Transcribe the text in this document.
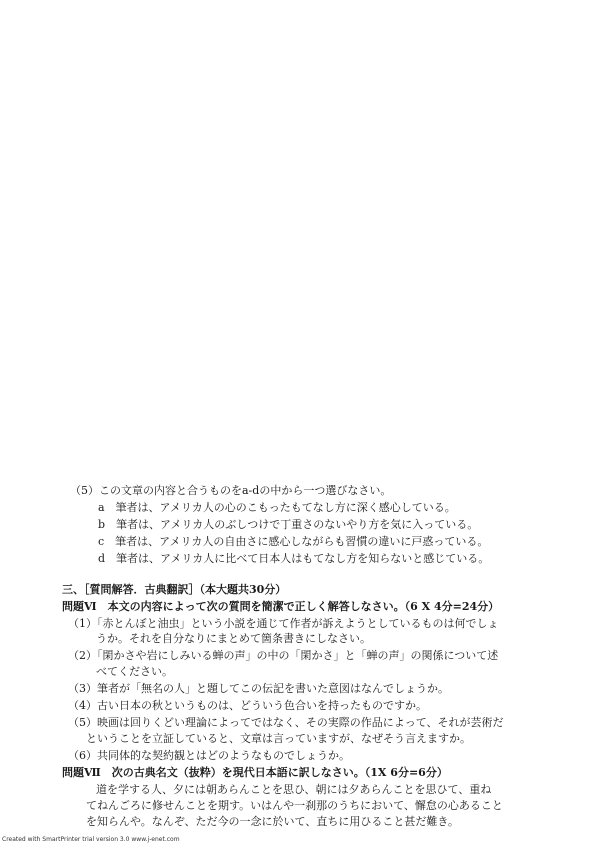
（5）この文章の内容と合うものをa-dの中から一つ選びなさい。
a　筆者は、アメリカ人の心のこもったもてなし方に深く感心している。
b　筆者は、アメリカ人のぶしつけで丁重さのないやり方を気に入っている。
c　筆者は、アメリカ人の自由さに感心しながらも習慣の違いに戸惑っている。
d　筆者は、アメリカ人に比べて日本人はもてなし方を知らないと感じている。
三、［質問解答．古典翻訳］（本大題共30分）
問題Ⅵ　本文の内容によって次の質問を簡潔で正しく解答しなさい。（6 X 4分=24分）
（1）「赤とんぼと油虫」という小説を通じて作者が訴えようとしているものは何でしょ
うか。それを自分なりにまとめて箇条書きにしなさい。
（2）「閑かさや岩にしみいる蝉の声」の中の「閑かさ」と「蝉の声」の関係について述
べてください。
（3）筆者が「無名の人」と題してこの伝記を書いた意図はなんでしょうか。
（4）古い日本の秋というものは、どういう色合いを持ったものですか。
（5）映画は回りくどい理論によってではなく、その実際の作品によって、それが芸術だ
ということを立証していると、文章は言っていますが、なぜそう言えますか。
（6）共同体的な契約観とはどのようなものでしょうか。
問題Ⅶ　次の古典名文（抜粋）を現代日本語に訳しなさい。（1X 6分=6分）
道を学する人、夕には朝あらんことを思ひ、朝には夕あらんことを思ひて、重ね
てねんごろに修せんことを期す。いはんや一刹那のうちにおいて、懈怠の心あること
を知らんや。なんぞ、ただ今の一念に於いて、直ちに用ひること甚だ難き。
Created with SmartPrinter trial version 3.0 www.j-enet.com
